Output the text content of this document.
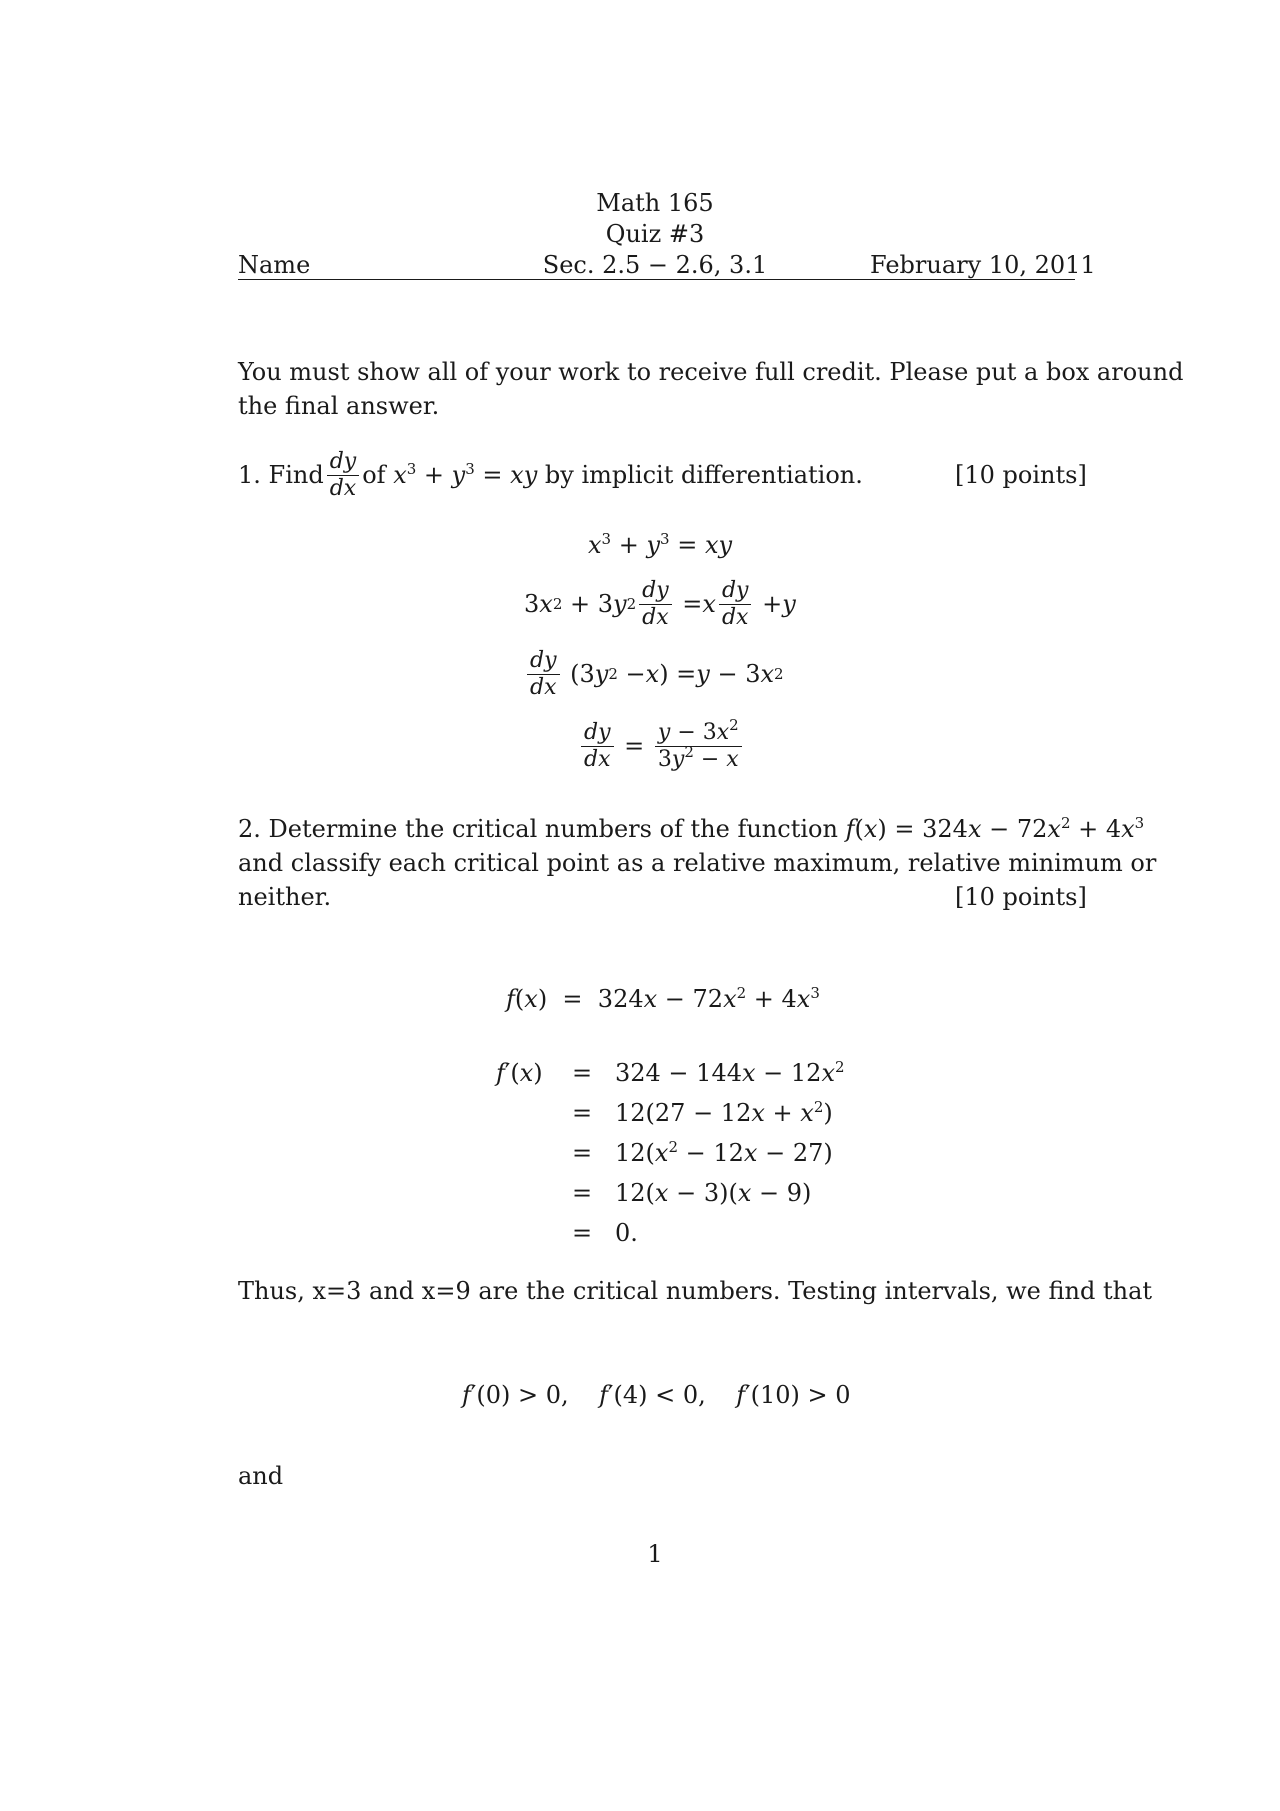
Math 165
Quiz #3
Sec. 2.5 − 2.6, 3.1
Name	February 10, 2011
You must show all of your work to receive full credit. Please put a box around
the final answer.
1.
Find $\frac{dy}{dx}$ of
$x^3 + y^3$ = xy
by implicit differentiation.	[10 points]
$x^3 + y^3$ = xy
3 x 2 + 3 y $2 \frac{dy}{dx} = x \frac{dy}{dx} + y$
$\frac{dy}{dx} (3$ y 2 − x ) = y − 3 x 2
$\frac{dy}{dx} = \frac{y - 3x^2}{3y^2 - x}$
2. Determine the critical numbers of the function $f(x) = 324x - 72x^2 + 4x^3$
and classify each critical point as a relative maximum, relative minimum or
neither.	[10 points]
$f(x) = 324x - 72x^2 + 4x^3$
$f'(x) = 324 - 144x - 12x^2$
=   $12(27 - 12x + x^2)$
=   $12(x^2 - 12x - 27)$
=   12(x − 3)(x − 9)
=   0.
Thus, x=3 and x=9 are the critical numbers. Testing intervals, we find that
f′(0) > 0,    f′(4) < 0,    f′(10) > 0
and
1
